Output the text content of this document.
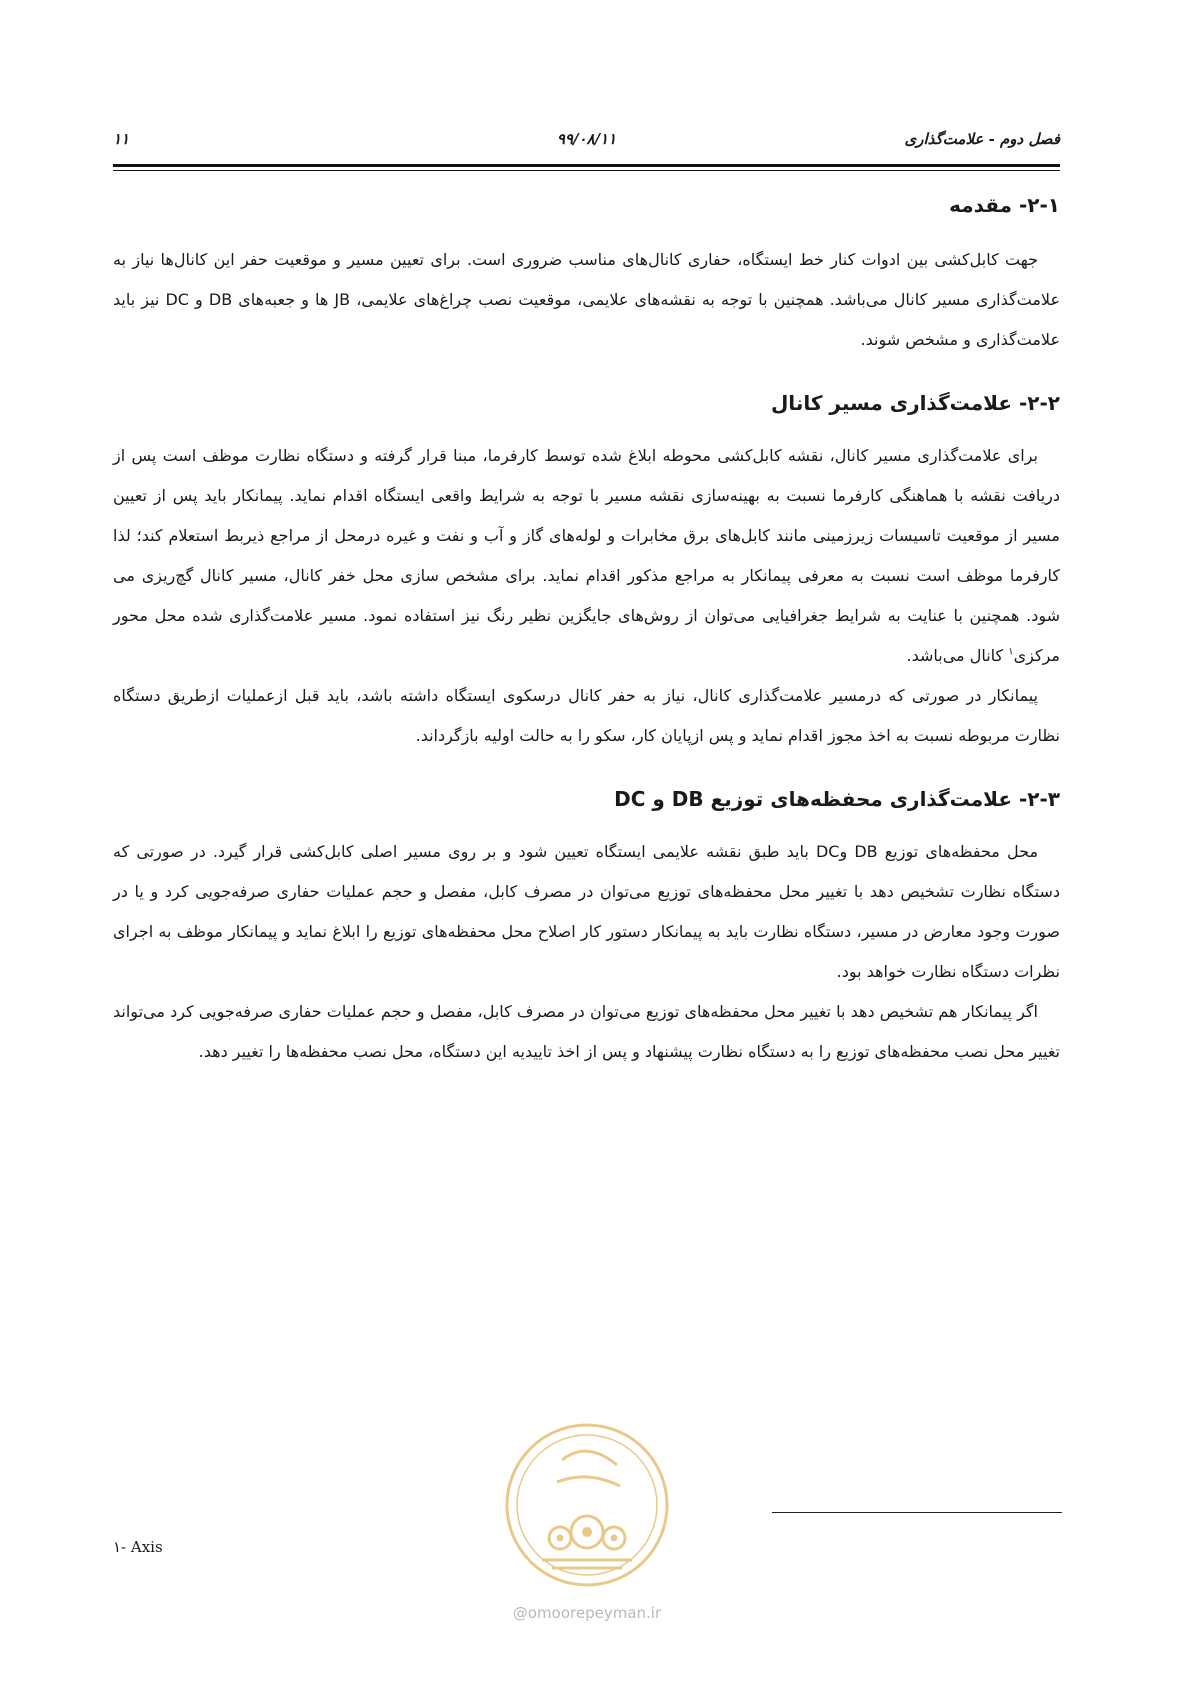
فصل دوم - علامت‌گذاری
۹۹/۰۸/۱۱
۱۱
۲-۱- مقدمه

جهت کابل‌کشی بین ادوات کنار خط ایستگاه، حفاری کانال‌های مناسب ضروری است. برای تعیین مسیر و موقعیت حفر این کانال‌ها نیاز به علامت‌گذاری مسیر کانال می‌باشد. همچنین با توجه به نقشه‌های علایمی، موقعیت نصب چراغ‌های علایمی، JB ها و جعبه‌های DB و DC نیز باید علامت‌گذاری و مشخص شوند.

۲-۲- علامت‌گذاری مسیر کانال

برای علامت‌گذاری مسیر کانال، نقشه کابل‌کشی محوطه ابلاغ شده توسط کارفرما، مبنا قرار گرفته و دستگاه نظارت موظف است پس از دریافت نقشه با هماهنگی کارفرما نسبت به بهینه‌سازی نقشه مسیر با توجه به شرایط واقعی ایستگاه اقدام نماید. پیمانکار باید پس از تعیین مسیر از موقعیت تاسیسات زیرزمینی مانند کابل‌های برق مخابرات و لوله‌های گاز و آب و نفت و غیره درمحل از مراجع ذیربط استعلام کند؛ لذا کارفرما موظف است نسبت به معرفی پیمانکار به مراجع مذکور اقدام نماید. برای مشخص سازی محل خفر کانال، مسیر کانال گچ‌ریزی می شود. همچنین با عنایت به شرایط جغرافیایی می‌توان از روش‌های جایگزین نظیر رنگ نیز استفاده نمود. مسیر علامت‌گذاری شده محل محور مرکزی$^۱$ کانال می‌باشد.

پیمانکار در صورتی که درمسیر علامت‌گذاری کانال، نیاز به حفر کانال درسکوی ایستگاه داشته باشد، باید قبل ازعملیات ازطریق دستگاه نظارت مربوطه نسبت به اخذ مجوز اقدام نماید و پس ازپایان کار، سکو را به حالت اولیه بازگرداند.

۲-۳- علامت‌گذاری محفظه‌های توزیع DB و DC

محل محفظه‌های توزیع DB وDC باید طبق نقشه علایمی ایستگاه تعیین شود و بر روی مسیر اصلی کابل‌کشی قرار گیرد. در صورتی که دستگاه نظارت تشخیص دهد با تغییر محل محفظه‌های توزیع می‌توان در مصرف کابل، مفصل و حجم عملیات حفاری صرفه‌جویی کرد و یا در صورت وجود معارض در مسیر، دستگاه نظارت باید به پیمانکار دستور کار اصلاح محل محفظه‌های توزیع را ابلاغ نماید و پیمانکار موظف به اجرای نظرات دستگاه نظارت خواهد بود.

اگر پیمانکار هم تشخیص دهد با تغییر محل محفظه‌های توزیع می‌توان در مصرف کابل، مفصل و حجم عملیات حفاری صرفه‌جویی کرد می‌تواند تغییر محل نصب محفظه‌های توزیع را به دستگاه نظارت پیشنهاد و پس از اخذ تاییدیه این دستگاه، محل نصب محفظه‌ها را تغییر دهد.

۱- Axis
@omoorepeyman.ir
